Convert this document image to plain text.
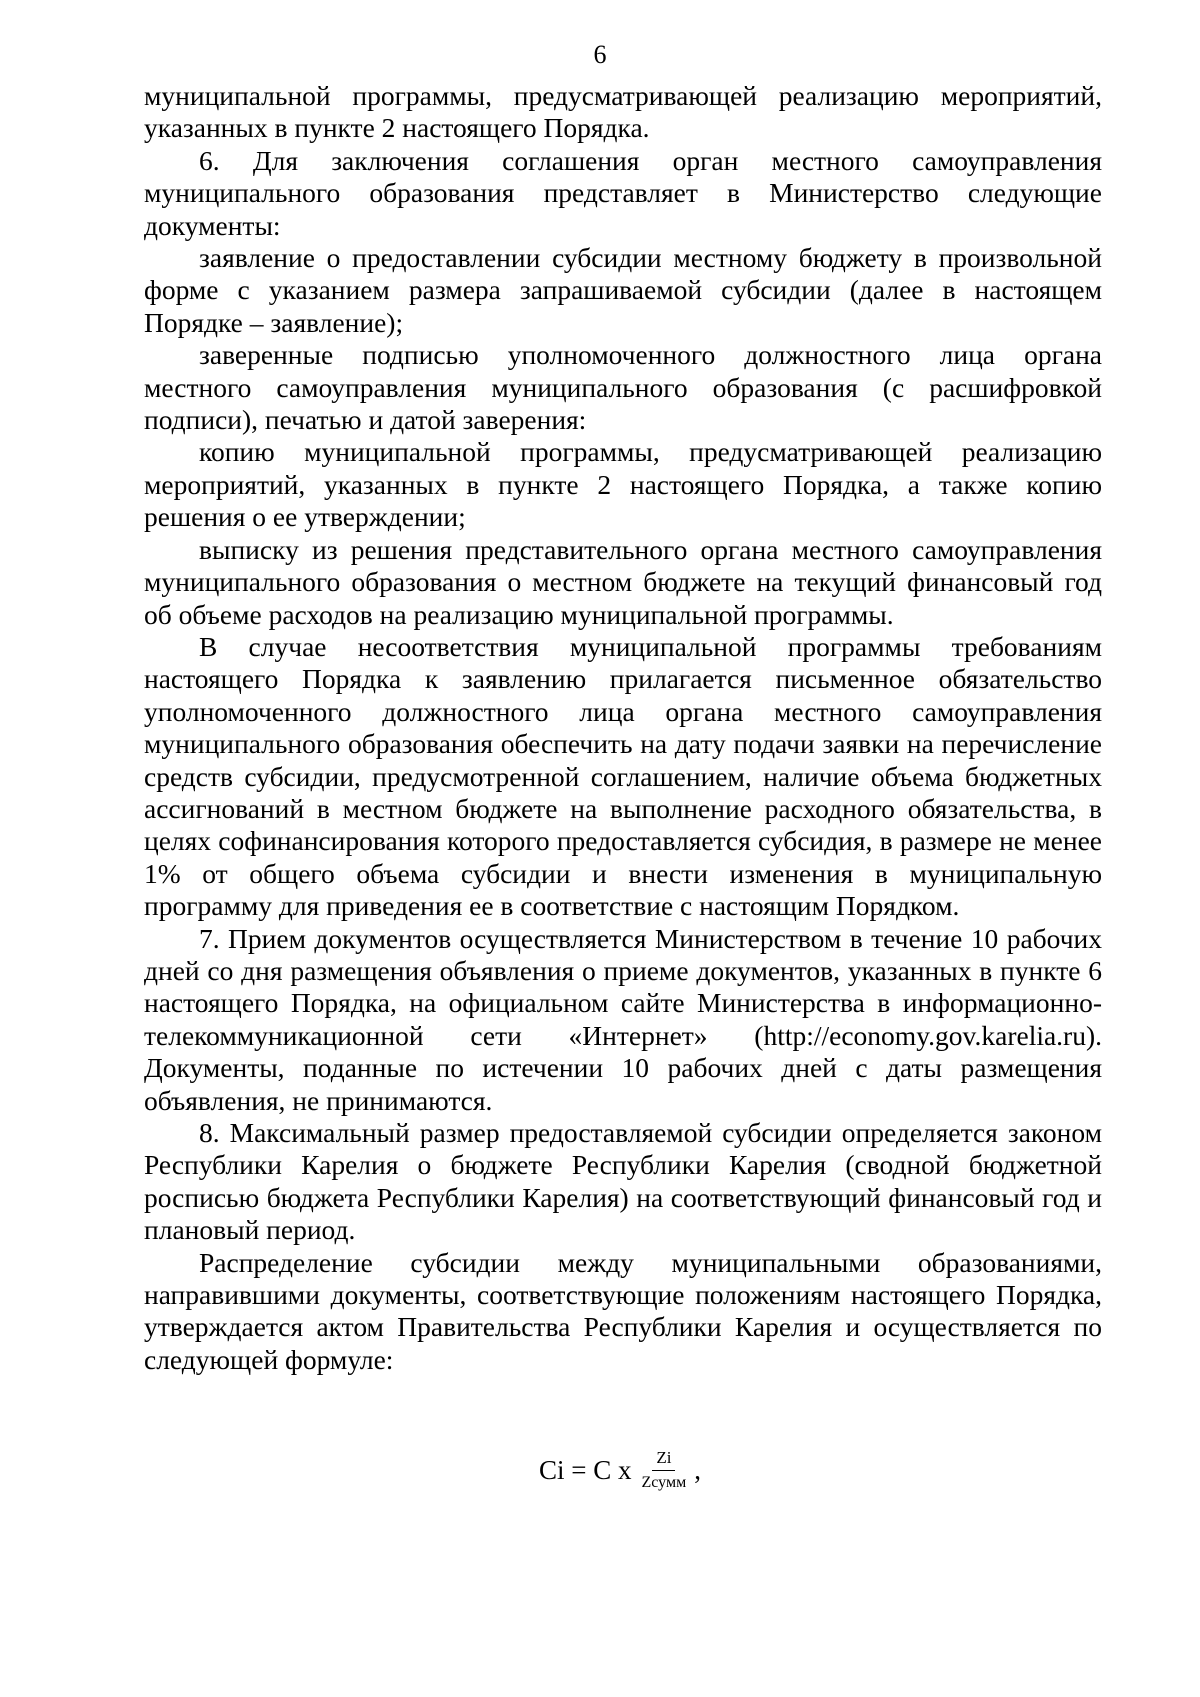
6

муниципальной программы, предусматривающей реализацию мероприятий, указанных в пункте 2 настоящего Порядка.

6. Для заключения соглашения орган местного самоуправления муниципального образования представляет в Министерство следующие документы:

заявление о предоставлении субсидии местному бюджету в произвольной форме с указанием размера запрашиваемой субсидии (далее в настоящем Порядке – заявление);

заверенные подписью уполномоченного должностного лица органа местного самоуправления муниципального образования (с расшифровкой подписи), печатью и датой заверения:

копию муниципальной программы, предусматривающей реализацию мероприятий, указанных в пункте 2 настоящего Порядка, а также копию решения о ее утверждении;

выписку из решения представительного органа местного самоуправления муниципального образования о местном бюджете на текущий финансовый год об объеме расходов на реализацию муниципальной программы.

В случае несоответствия муниципальной программы требованиям настоящего Порядка к заявлению прилагается письменное обязательство уполномоченного должностного лица органа местного самоуправления муниципального образования обеспечить на дату подачи заявки на перечисление средств субсидии, предусмотренной соглашением, наличие объема бюджетных ассигнований в местном бюджете на выполнение расходного обязательства, в целях софинансирования которого предоставляется субсидия, в размере не менее 1% от общего объема субсидии и внести изменения в муниципальную программу для приведения ее в соответствие с настоящим Порядком.

7. Прием документов осуществляется Министерством в течение 10 рабочих дней со дня размещения объявления о приеме документов, указанных в пункте 6 настоящего Порядка, на официальном сайте Министерства в информационно-телекоммуникационной сети «Интернет» (http://economy.gov.karelia.ru). Документы, поданные по истечении 10 рабочих дней с даты размещения объявления, не принимаются.

8. Максимальный размер предоставляемой субсидии определяется законом Республики Карелия о бюджете Республики Карелия (сводной бюджетной росписью бюджета Республики Карелия) на соответствующий финансовый год и плановый период.

Распределение субсидии между муниципальными образованиями, направившими документы, соответствующие положениям настоящего Порядка, утверждается актом Правительства Республики Карелия и осуществляется по следующей формуле:

Ci = C x $\frac{Zi}{\text{Zсумм}}$ ,
